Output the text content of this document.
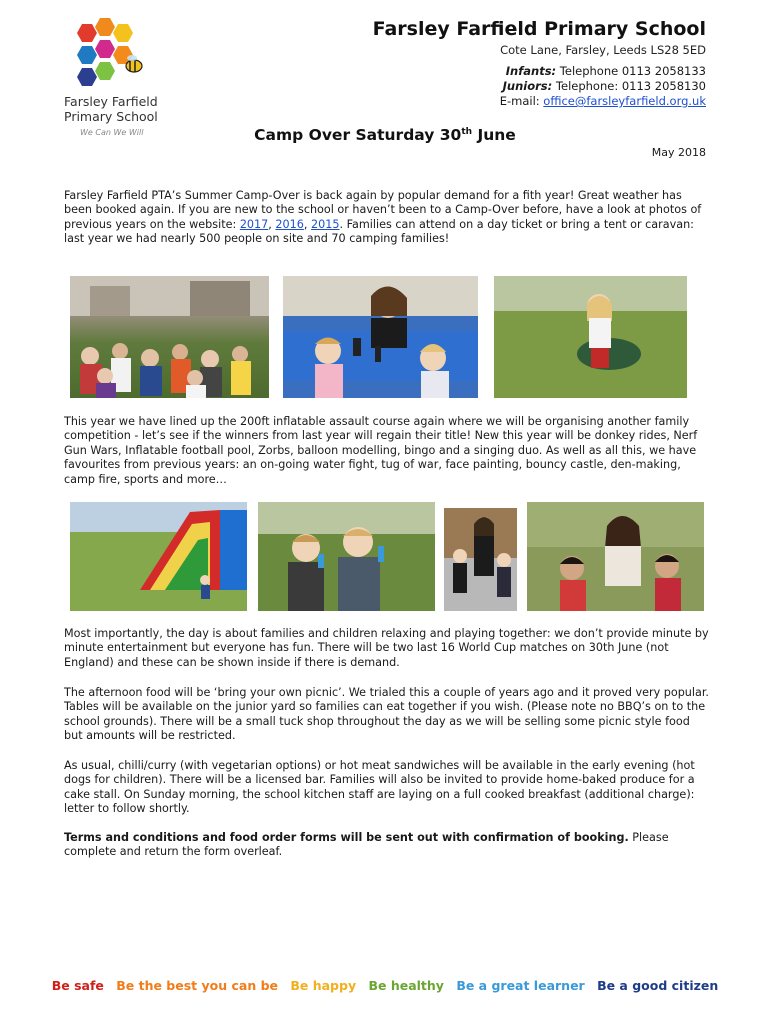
Farsley Farfield
Primary School
We Can We Will
Farsley Farfield Primary School
Cote Lane, Farsley, Leeds LS28 5ED
Infants: Telephone 0113 2058133
Juniors: Telephone: 0113 2058130
E-mail: office@farsleyfarfield.org.uk
Camp Over Saturday 30th June
May 2018
Farsley Farfield PTA’s Summer Camp-Over is back again by popular demand for a fith year! Great weather has been booked again. If you are new to the school or haven’t been to a Camp-Over before, have a look at photos of previous years on the website: 2017, 2016, 2015. Families can attend on a day ticket or bring a tent or caravan: last year we had nearly 500 people on site and 70 camping families!
This year we have lined up the 200ft inflatable assault course again where we will be organising another family competition - let’s see if the winners from last year will regain their title! New this year will be donkey rides, Nerf Gun Wars, Inflatable football pool, Zorbs, balloon modelling, bingo and a singing duo. As well as all this, we have favourites from previous years: an on-going water fight, tug of war, face painting, bouncy castle, den-making, camp fire, sports and more…
Most importantly, the day is about families and children relaxing and playing together: we don’t provide minute by minute entertainment but everyone has fun. There will be two last 16 World Cup matches on 30th June (not England) and these can be shown inside if there is demand.
The afternoon food will be ‘bring your own picnic’. We trialed this a couple of years ago and it proved very popular. Tables will be available on the junior yard so families can eat together if you wish. (Please note no BBQ’s on to the school grounds). There will be a small tuck shop throughout the day as we will be selling some picnic style food but amounts will be restricted.
As usual, chilli/curry (with vegetarian options) or hot meat sandwiches will be available in the early evening (hot dogs for children). There will be a licensed bar. Families will also be invited to provide home-baked produce for a cake stall. On Sunday morning, the school kitchen staff are laying on a full cooked breakfast (additional charge): letter to follow shortly.
Terms and conditions and food order forms will be sent out with confirmation of booking. Please complete and return the form overleaf.
Be safe Be the best you can be Be happy Be healthy Be a great learner Be a good citizen
